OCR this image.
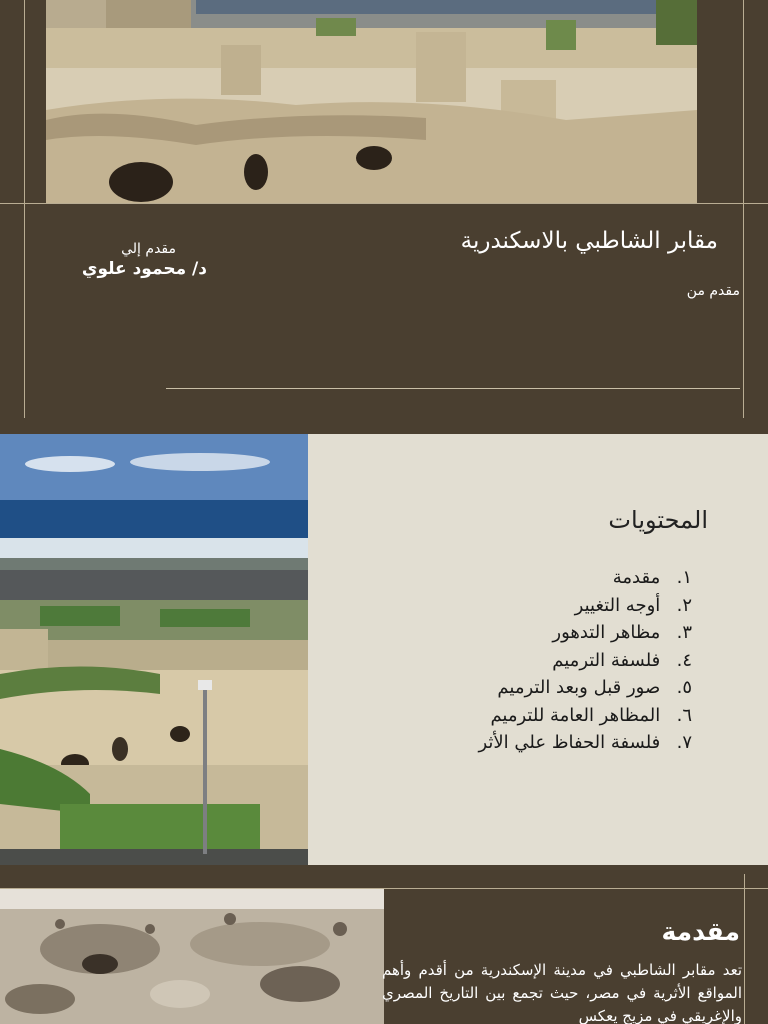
مقابر الشاطبي بالاسكندرية
مقدم إلي
د/ محمود علوي
مقدم من
المحتويات
١. مقدمة
٢. أوجه التغيير
٣. مظاهر التدهور
٤. فلسفة الترميم
٥. صور قبل وبعد الترميم
٦. المظاهر العامة للترميم
٧. فلسفة الحفاظ علي الأثر
مقدمة
تعد مقابر الشاطبي في مدينة الإسكندرية من أقدم وأهم المواقع الأثرية في مصر، حيث تجمع بين التاريخ المصري والإغريقي في مزيج يعكس
